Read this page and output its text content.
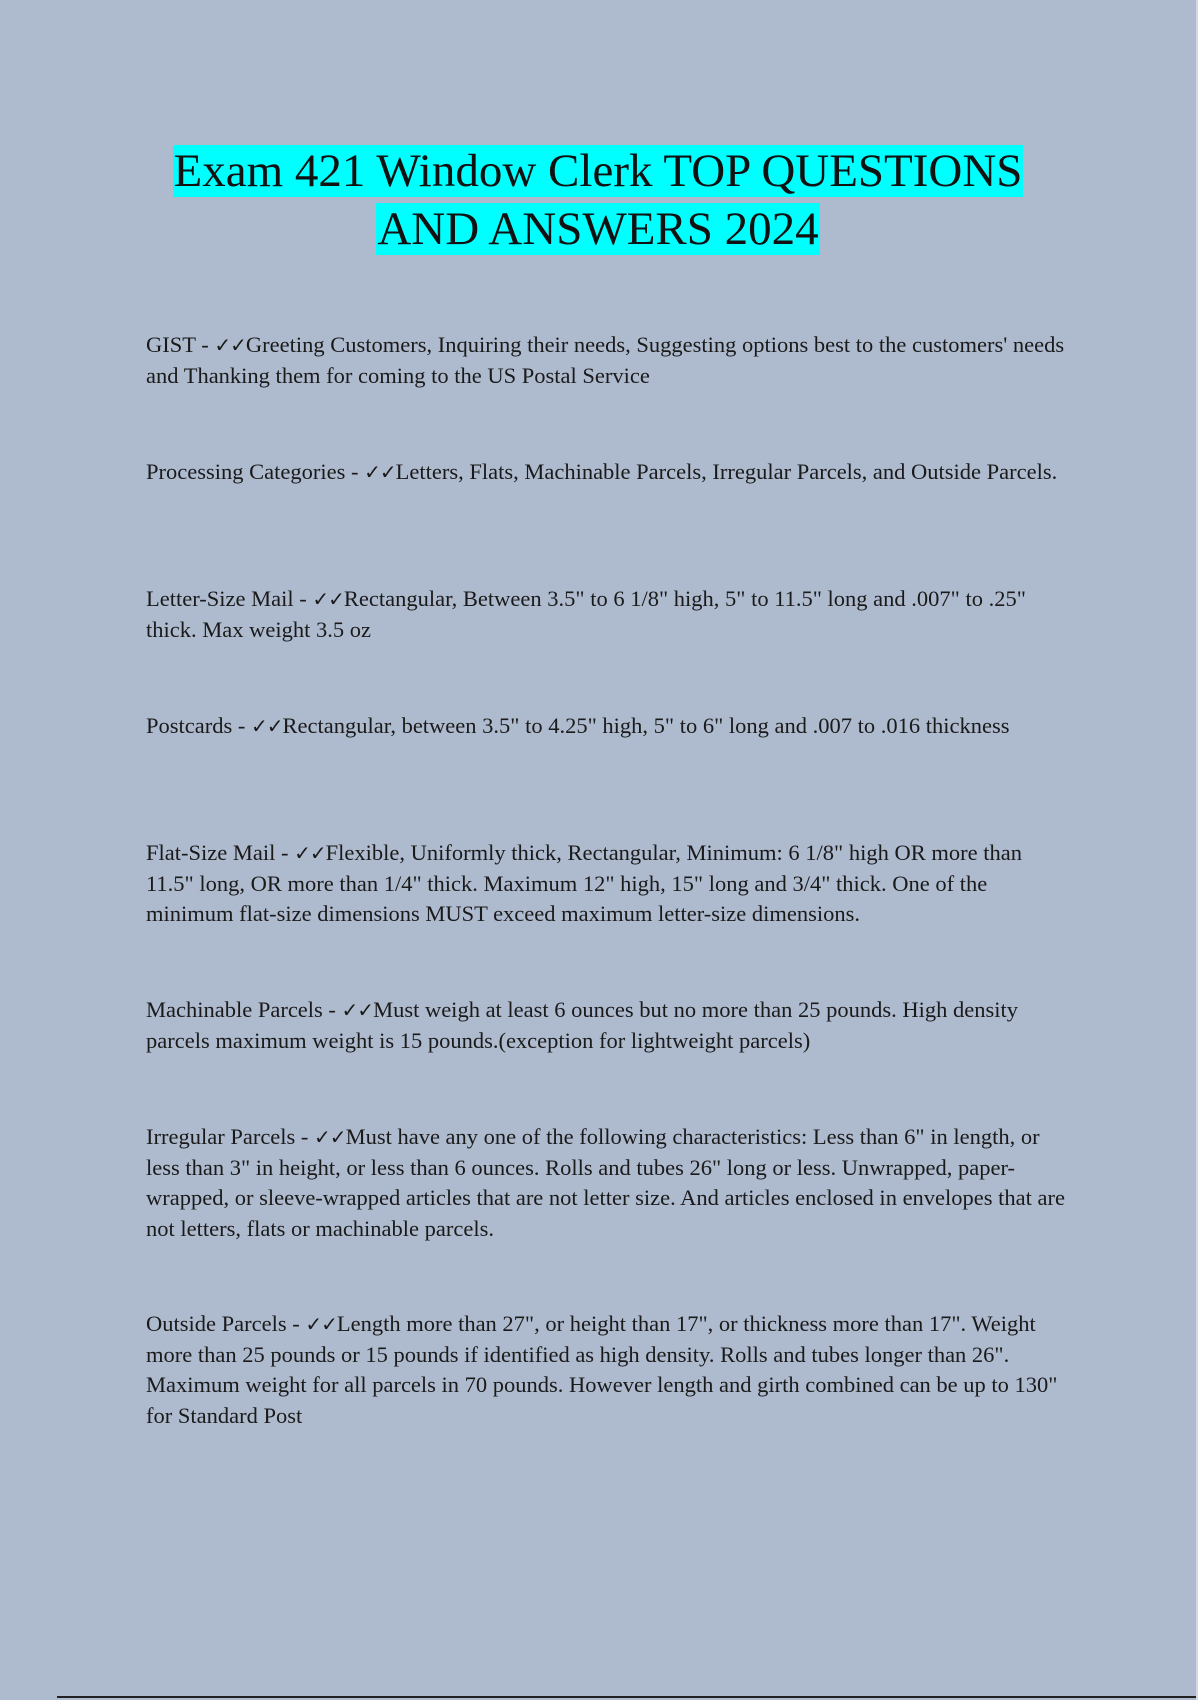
Exam 421 Window Clerk TOP QUESTIONS
AND ANSWERS 2024
GIST - ✓✓Greeting Customers, Inquiring their needs, Suggesting options best to the customers' needs and Thanking them for coming to the US Postal Service
Processing Categories - ✓✓Letters, Flats, Machinable Parcels, Irregular Parcels, and Outside Parcels.
Letter-Size Mail - ✓✓Rectangular, Between 3.5" to 6 1/8" high, 5" to 11.5" long and .007" to .25" thick. Max weight 3.5 oz
Postcards - ✓✓Rectangular, between 3.5" to 4.25" high, 5" to 6" long and .007 to .016 thickness
Flat-Size Mail - ✓✓Flexible, Uniformly thick, Rectangular, Minimum: 6 1/8" high OR more than 11.5" long, OR more than 1/4" thick. Maximum 12" high, 15" long and 3/4" thick. One of the minimum flat-size dimensions MUST exceed maximum letter-size dimensions.
Machinable Parcels - ✓✓Must weigh at least 6 ounces but no more than 25 pounds. High density parcels maximum weight is 15 pounds.(exception for lightweight parcels)
Irregular Parcels - ✓✓Must have any one of the following characteristics: Less than 6" in length, or less than 3" in height, or less than 6 ounces. Rolls and tubes 26" long or less. Unwrapped, paper-wrapped, or sleeve-wrapped articles that are not letter size. And articles enclosed in envelopes that are not letters, flats or machinable parcels.
Outside Parcels - ✓✓Length more than 27", or height than 17", or thickness more than 17". Weight more than 25 pounds or 15 pounds if identified as high density. Rolls and tubes longer than 26". Maximum weight for all parcels in 70 pounds. However length and girth combined can be up to 130" for Standard Post
